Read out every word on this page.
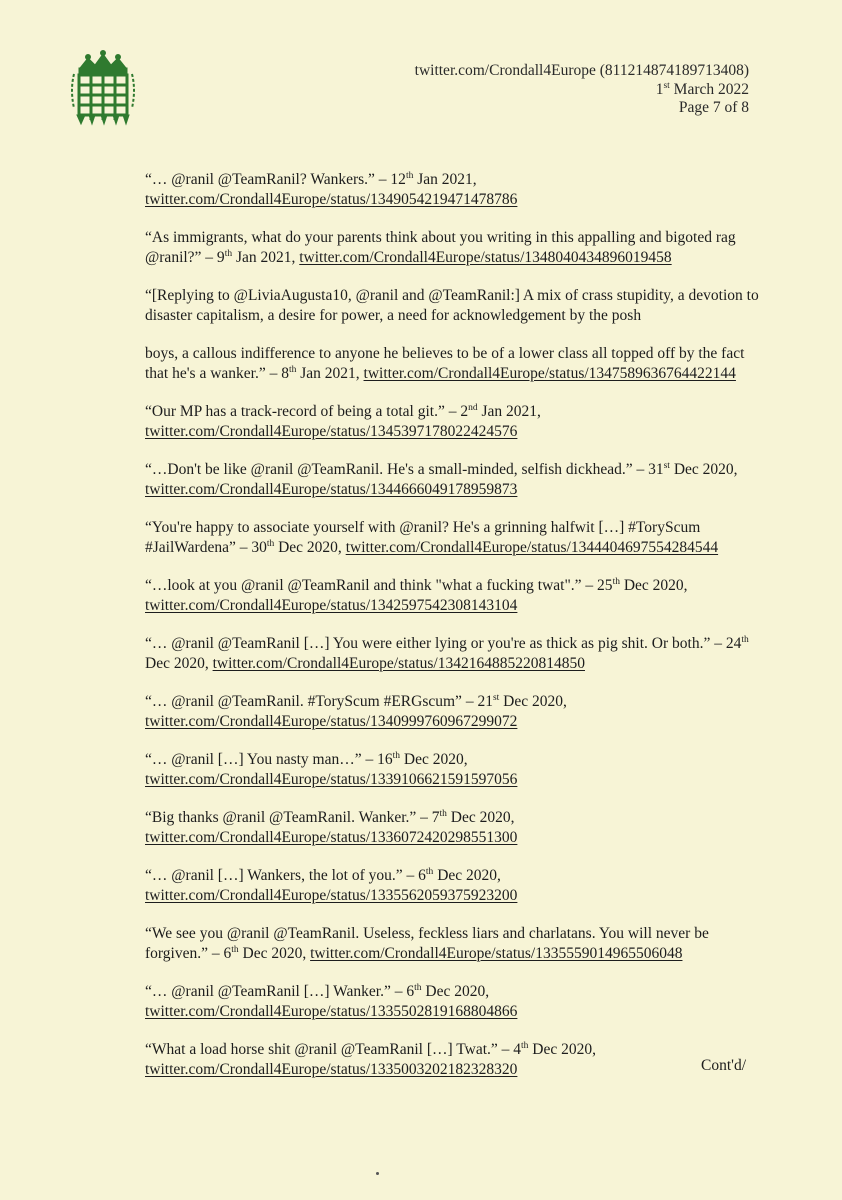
twitter.com/Crondall4Europe (811214874189713408)
1st March 2022
Page 7 of 8
“… @ranil @TeamRanil? Wankers.” – 12th Jan 2021, twitter.com/Crondall4Europe/status/1349054219471478786
“As immigrants, what do your parents think about you writing in this appalling and bigoted rag @ranil?” – 9th Jan 2021, twitter.com/Crondall4Europe/status/1348040434896019458
“[Replying to @LiviaAugusta10, @ranil and @TeamRanil:] A mix of crass stupidity, a devotion to disaster capitalism, a desire for power, a need for acknowledgement by the posh
boys, a callous indifference to anyone he believes to be of a lower class all topped off by the fact that he's a wanker.” – 8th Jan 2021, twitter.com/Crondall4Europe/status/1347589636764422144
“Our MP has a track-record of being a total git.” – 2nd Jan 2021, twitter.com/Crondall4Europe/status/1345397178022424576
“…Don't be like @ranil @TeamRanil. He's a small-minded, selfish dickhead.” – 31st Dec 2020, twitter.com/Crondall4Europe/status/1344666049178959873
“You're happy to associate yourself with @ranil? He's a grinning halfwit […] #ToryScum #JailWardena” – 30th Dec 2020, twitter.com/Crondall4Europe/status/1344404697554284544
“…look at you @ranil @TeamRanil and think "what a fucking twat".” – 25th Dec 2020, twitter.com/Crondall4Europe/status/1342597542308143104
“… @ranil @TeamRanil […] You were either lying or you're as thick as pig shit. Or both.” – 24th Dec 2020, twitter.com/Crondall4Europe/status/1342164885220814850
“… @ranil @TeamRanil. #ToryScum #ERGscum” – 21st Dec 2020, twitter.com/Crondall4Europe/status/1340999760967299072
“… @ranil […] You nasty man…” – 16th Dec 2020, twitter.com/Crondall4Europe/status/1339106621591597056
“Big thanks @ranil @TeamRanil. Wanker.” – 7th Dec 2020, twitter.com/Crondall4Europe/status/1336072420298551300
“… @ranil […] Wankers, the lot of you.” – 6th Dec 2020, twitter.com/Crondall4Europe/status/1335562059375923200
“We see you @ranil @TeamRanil. Useless, feckless liars and charlatans. You will never be forgiven.” – 6th Dec 2020, twitter.com/Crondall4Europe/status/1335559014965506048
“… @ranil @TeamRanil […] Wanker.” – 6th Dec 2020, twitter.com/Crondall4Europe/status/1335502819168804866
“What a load horse shit @ranil @TeamRanil […] Twat.” – 4th Dec 2020, twitter.com/Crondall4Europe/status/1335003202182328320	Cont'd/
